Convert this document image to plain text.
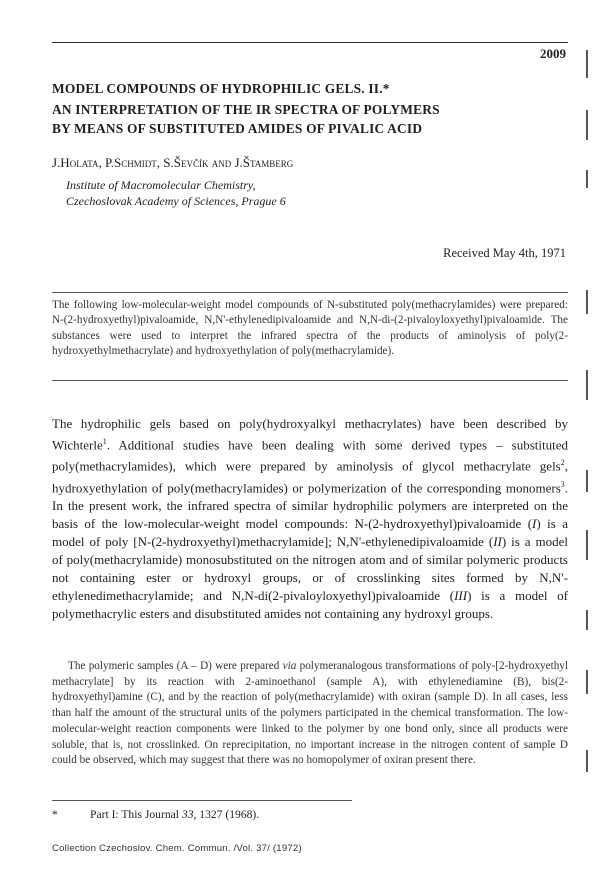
2009
MODEL COMPOUNDS OF HYDROPHILIC GELS. II.*
AN INTERPRETATION OF THE IR SPECTRA OF POLYMERS
BY MEANS OF SUBSTITUTED AMIDES OF PIVALIC ACID
J.Holata, P.Schmidt, S.Ševčík and J.Štamberg
Institute of Macromolecular Chemistry,
Czechoslovak Academy of Sciences, Prague 6
Received May 4th, 1971
The following low-molecular-weight model compounds of N-substituted poly(methacrylamides) were prepared: N-(2-hydroxyethyl)pivaloamide, N,N'-ethylenedipivaloamide and N,N-di-(2-pivaloyloxyethyl)pivaloamide. The substances were used to interpret the infrared spectra of the products of aminolysis of poly(2-hydroxyethylmethacrylate) and hydroxyethylation of poly(methacrylamide).
The hydrophilic gels based on poly(hydroxyalkyl methacrylates) have been described by Wichterle$^1$. Additional studies have been dealing with some derived types – substituted poly(methacrylamides), which were prepared by aminolysis of glycol methacrylate gels$^2$, hydroxyethylation of poly(methacrylamides) or polymerization of the corresponding monomers$^3$. In the present work, the infrared spectra of similar hydrophilic polymers are interpreted on the basis of the low-molecular-weight model compounds: N-(2-hydroxyethyl)pivaloamide (I) is a model of poly [N-(2-hydroxyethyl)methacrylamide]; N,N'-ethylenedipivaloamide (II) is a model of poly(methacrylamide) monosubstituted on the nitrogen atom and of similar polymeric products not containing ester or hydroxyl groups, or of crosslinking sites formed by N,N'-ethylenedimethacrylamide; and N,N-di(2-pivaloyloxyethyl)pivaloamide (III) is a model of polymethacrylic esters and disubstituted amides not containing any hydroxyl groups.
The polymeric samples (A – D) were prepared via polymeranalogous transformations of poly-[2-hydroxyethyl methacrylate] by its reaction with 2-aminoethanol (sample A), with ethylenediamine (B), bis(2-hydroxyethyl)amine (C), and by the reaction of poly(methacrylamide) with oxiran (sample D). In all cases, less than half the amount of the structural units of the polymers participated in the chemical transformation. The low-molecular-weight reaction components were linked to the polymer by one bond only, since all products were soluble, that is, not crosslinked. On reprecipitation, no important increase in the nitrogen content of sample D could be observed, which may suggest that there was no homopolymer of oxiran present there.
*	Part I: This Journal 33, 1327 (1968).
Collection Czechoslov. Chem. Commun. /Vol. 37/ (1972)
